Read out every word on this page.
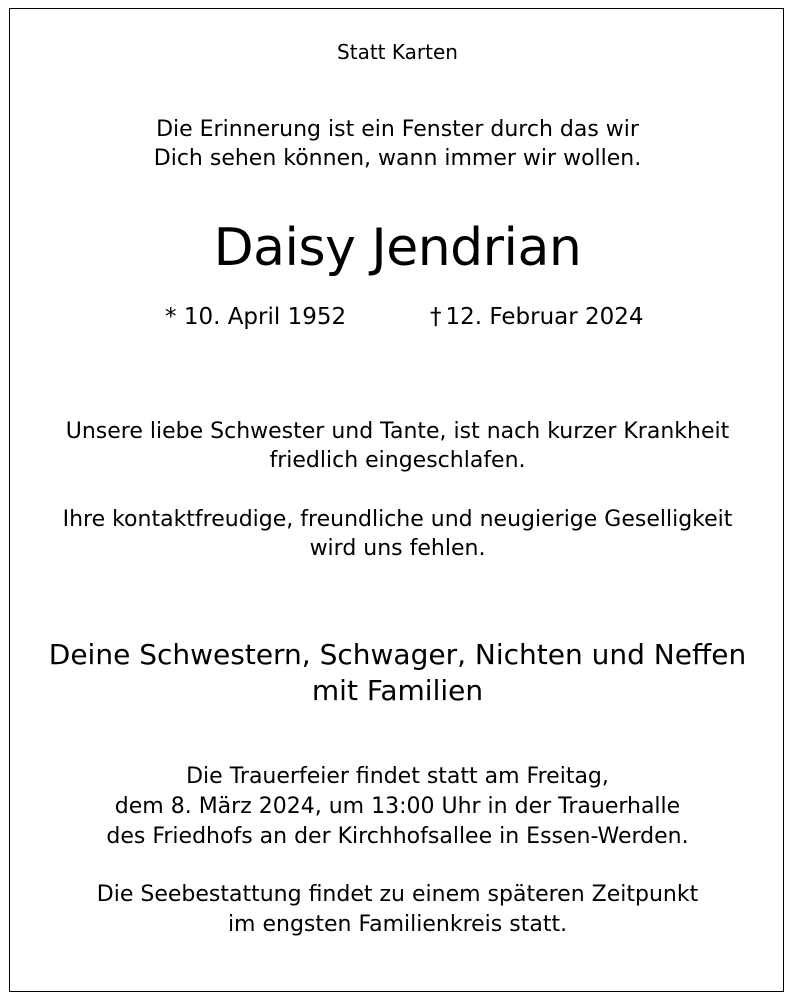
Statt Karten
Die Erinnerung ist ein Fenster durch das wir
Dich sehen können, wann immer wir wollen.
Daisy Jendrian
* 10. April 1952	† 12. Februar 2024
Unsere liebe Schwester und Tante, ist nach kurzer Krankheit
friedlich eingeschlafen.
Ihre kontaktfreudige, freundliche und neugierige Geselligkeit
wird uns fehlen.
Deine Schwestern, Schwager, Nichten und Neffen
mit Familien
Die Trauerfeier findet statt am Freitag,
dem 8. März 2024, um 13:00 Uhr in der Trauerhalle
des Friedhofs an der Kirchhofsallee in Essen-Werden.
Die Seebestattung findet zu einem späteren Zeitpunkt
im engsten Familienkreis statt.
